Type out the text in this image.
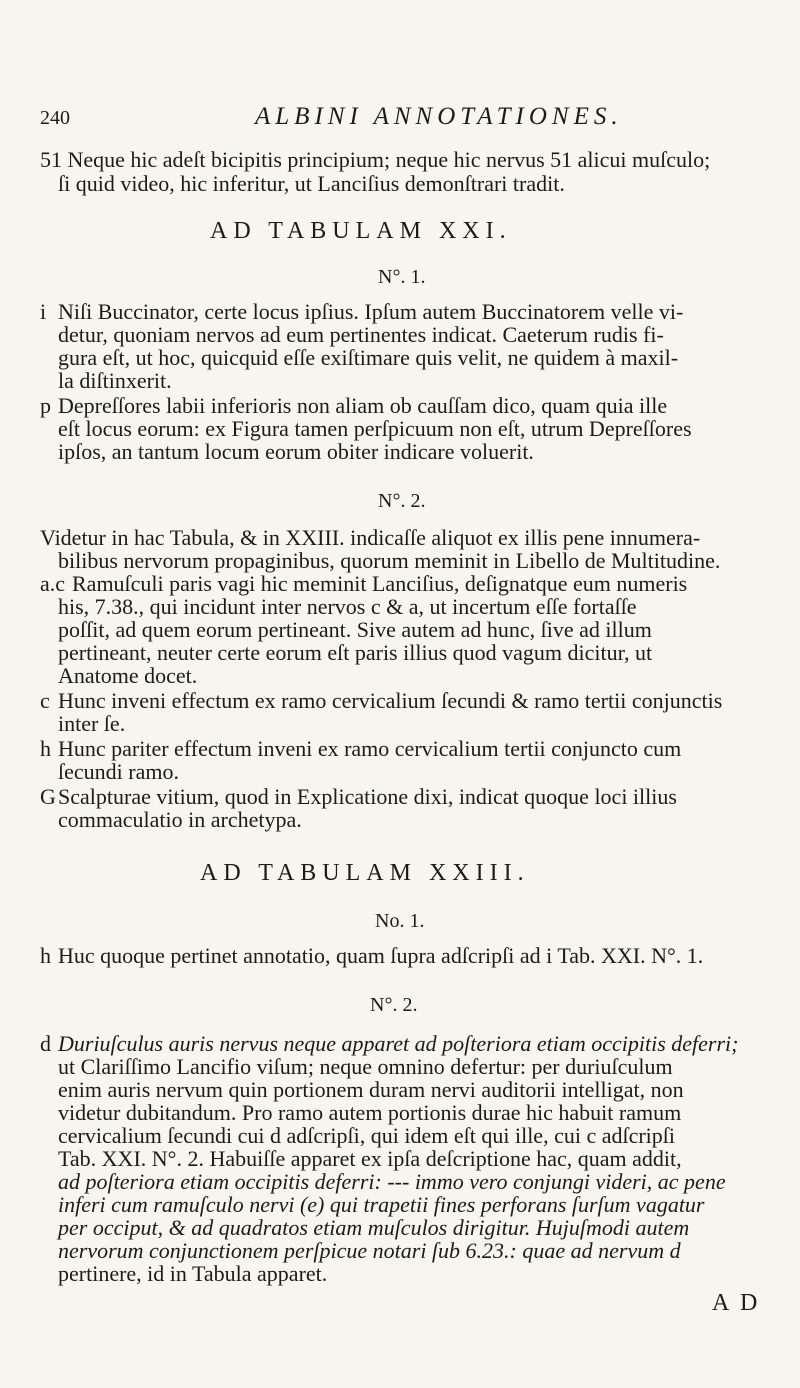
240	ALBINI ANNOTATIONES.
51 Neque hic adeſt bicipitis principium; neque hic nervus 51 alicui muſculo;
ſi quid video, hic inferitur, ut Lanciſius demonſtrari tradit.
AD TABULAM XXI.
N°. 1.
i Niſi Buccinator, certe locus ipſius. Ipſum autem Buccinatorem velle vi-
detur, quoniam nervos ad eum pertinentes indicat. Caeterum rudis fi-
gura eſt, ut hoc, quicquid eſſe exiſtimare quis velit, ne quidem à maxil-
la diſtinxerit.
p Depreſſores labii inferioris non aliam ob cauſſam dico, quam quia ille
eſt locus eorum: ex Figura tamen perſpicuum non eſt, utrum Depreſſores
ipſos, an tantum locum eorum obiter indicare voluerit.
N°. 2.
Videtur in hac Tabula, & in XXIII. indicaſſe aliquot ex illis pene innumera-
bilibus nervorum propaginibus, quorum meminit in Libello de Multitudine.
a.c Ramuſculi paris vagi hic meminit Lanciſius, deſignatque eum numeris
his, 7.38., qui incidunt inter nervos c & a, ut incertum eſſe fortaſſe
poſſit, ad quem eorum pertineant. Sive autem ad hunc, ſive ad illum
pertineant, neuter certe eorum eſt paris illius quod vagum dicitur, ut
Anatome docet.
c Hunc inveni effectum ex ramo cervicalium ſecundi & ramo tertii conjunctis
inter ſe.
h Hunc pariter effectum inveni ex ramo cervicalium tertii conjuncto cum
ſecundi ramo.
G Scalpturae vitium, quod in Explicatione dixi, indicat quoque loci illius
commaculatio in archetypa.
AD TABULAM XXIII.
No. 1.
h Huc quoque pertinet annotatio, quam ſupra adſcripſi ad i Tab. XXI. N°. 1.
N°. 2.
d Duriuſculus auris nervus neque apparet ad poſteriora etiam occipitis deferri;
ut Clariſſimo Lancifio viſum; neque omnino defertur: per duriuſculum
enim auris nervum quin portionem duram nervi auditorii intelligat, non
videtur dubitandum. Pro ramo autem portionis durae hic habuit ramum
cervicalium ſecundi cui d adſcripſi, qui idem eſt qui ille, cui c adſcripſi
Tab. XXI. N°. 2. Habuiſſe apparet ex ipſa deſcriptione hac, quam addit,
ad poſteriora etiam occipitis deferri: --- immo vero conjungi videri, ac pene
inferi cum ramuſculo nervi (e) qui trapetii fines perforans ſurſum vagatur
per occiput, & ad quadratos etiam muſculos dirigitur. Hujuſmodi autem
nervorum conjunctionem perſpicue notari ſub 6.23.: quae ad nervum d
pertinere, id in Tabula apparet.
A D
